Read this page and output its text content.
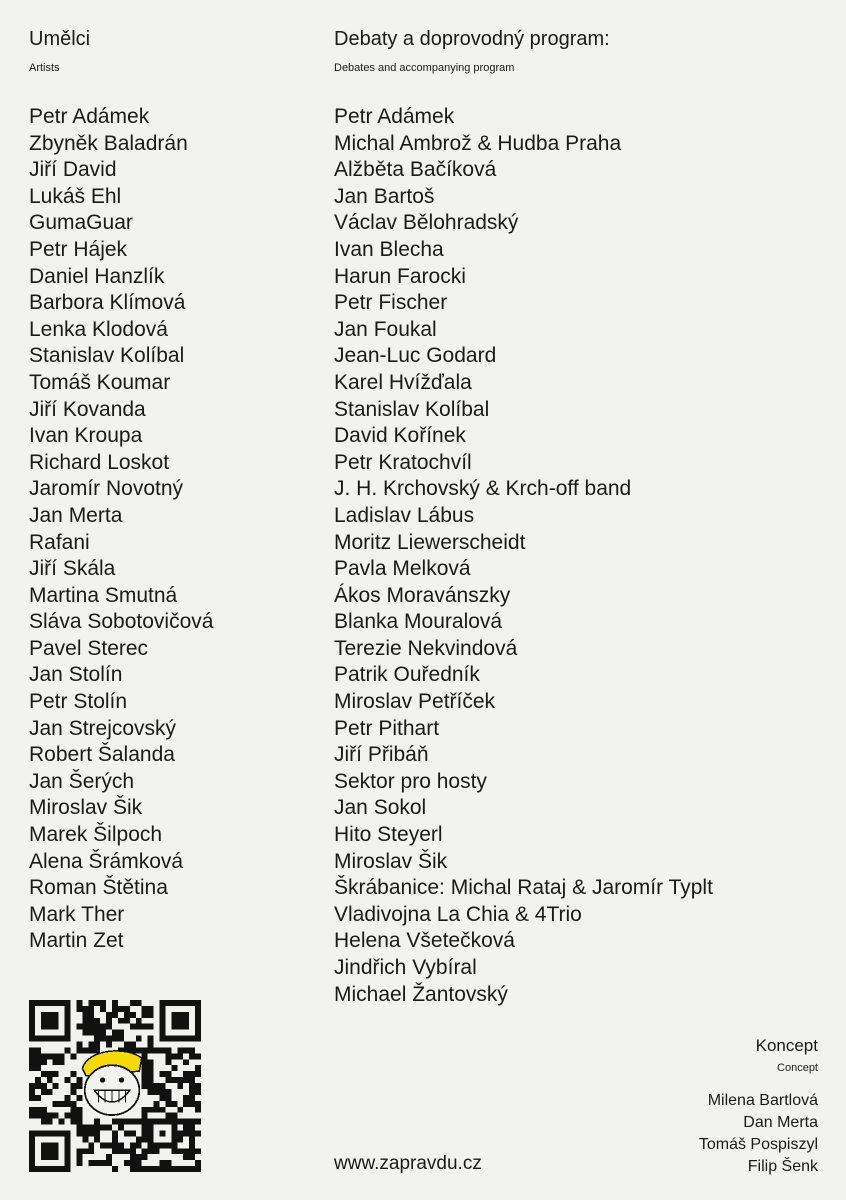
Umělci
Artists
Debaty a doprovodný program:
Debates and accompanying program
Petr Adámek
Zbyněk Baladrán
Jiří David
Lukáš Ehl
GumaGuar
Petr Hájek
Daniel Hanzlík
Barbora Klímová
Lenka Klodová
Stanislav Kolíbal
Tomáš Koumar
Jiří Kovanda
Ivan Kroupa
Richard Loskot
Jaromír Novotný
Jan Merta
Rafani
Jiří Skála
Martina Smutná
Sláva Sobotovičová
Pavel Sterec
Jan Stolín
Petr Stolín
Jan Strejcovský
Robert Šalanda
Jan Šerých
Miroslav Šik
Marek Šilpoch
Alena Šrámková
Roman Štětina
Mark Ther
Martin Zet
Petr Adámek
Michal Ambrož & Hudba Praha
Alžběta Bačíková
Jan Bartoš
Václav Bělohradský
Ivan Blecha
Harun Farocki
Petr Fischer
Jan Foukal
Jean-Luc Godard
Karel Hvížďala
Stanislav Kolíbal
David Kořínek
Petr Kratochvíl
J. H. Krchovský & Krch-off band
Ladislav Lábus
Moritz Liewerscheidt
Pavla Melková
Ákos Moravánszky
Blanka Mouralová
Terezie Nekvindová
Patrik Ouředník
Miroslav Petříček
Petr Pithart
Jiří Přibáň
Sektor pro hosty
Jan Sokol
Hito Steyerl
Miroslav Šik
Škrábanice: Michal Rataj & Jaromír Typlt
Vladivojna La Chia & 4Trio
Helena Všetečková
Jindřich Vybíral
Michael Žantovský
www.zapravdu.cz
Koncept
Concept
Milena Bartlová
Dan Merta
Tomáš Pospiszyl
Filip Šenk
